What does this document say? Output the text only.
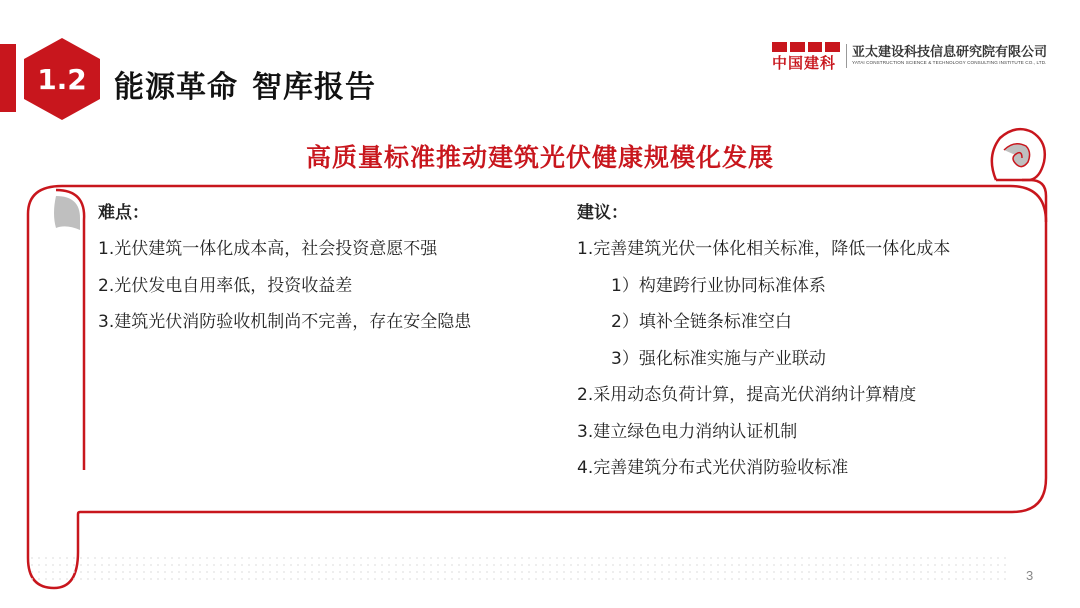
1.2 能源革命 智库报告
中国建科
亚太建设科技信息研究院有限公司
YATAI CONSTRUCTION SCIENCE & TECHNOLOGY CONSULTING INSTITUTE CO., LTD.
高质量标准推动建筑光伏健康规模化发展
难点：
1.光伏建筑一体化成本高，社会投资意愿不强
2.光伏发电自用率低，投资收益差
3.建筑光伏消防验收机制尚不完善，存在安全隐患
建议：
1.完善建筑光伏一体化相关标准，降低一体化成本
1）构建跨行业协同标准体系
2）填补全链条标准空白
3）强化标准实施与产业联动
2.采用动态负荷计算，提高光伏消纳计算精度
3.建立绿色电力消纳认证机制
4.完善建筑分布式光伏消防验收标准
3
